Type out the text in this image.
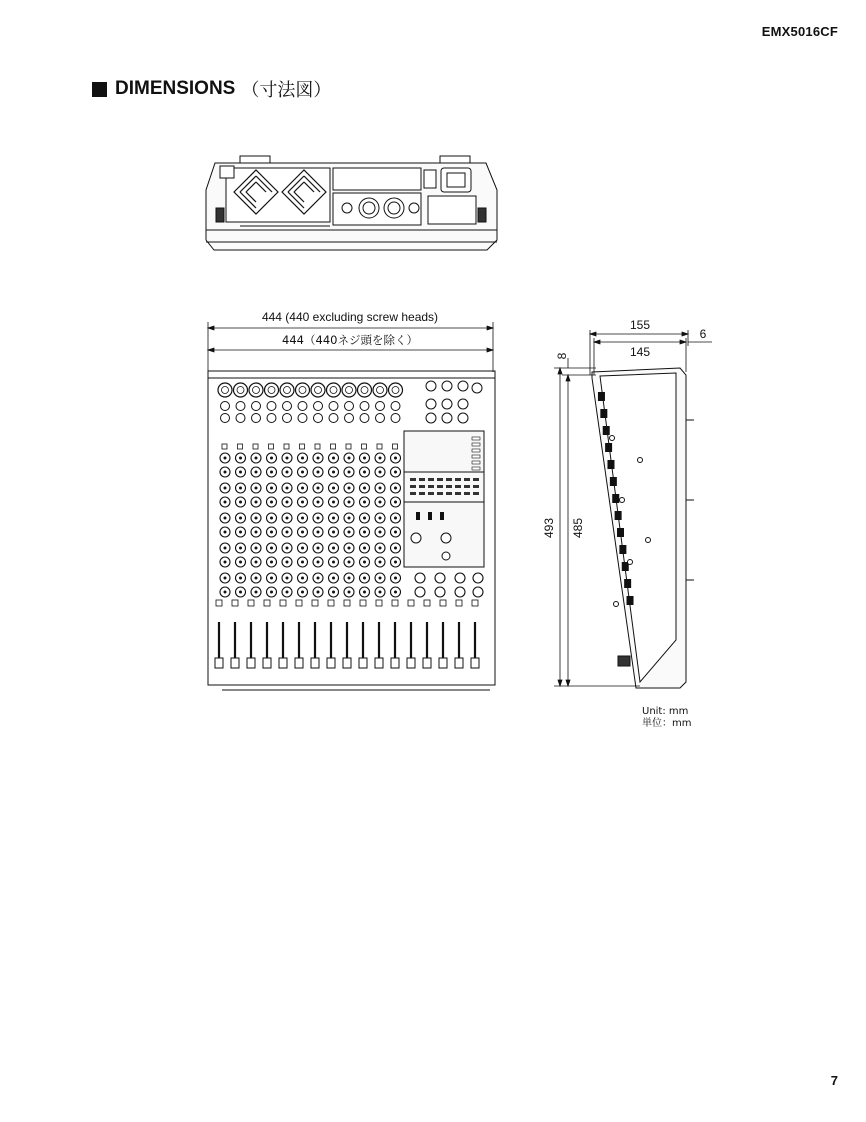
EMX5016CF
DIMENSIONS （寸法図）
444 (440 excluding screw heads)
444（440ネジ頭を除く）
155
145
6
493 485
8
Unit: mm
単位：mm
7
